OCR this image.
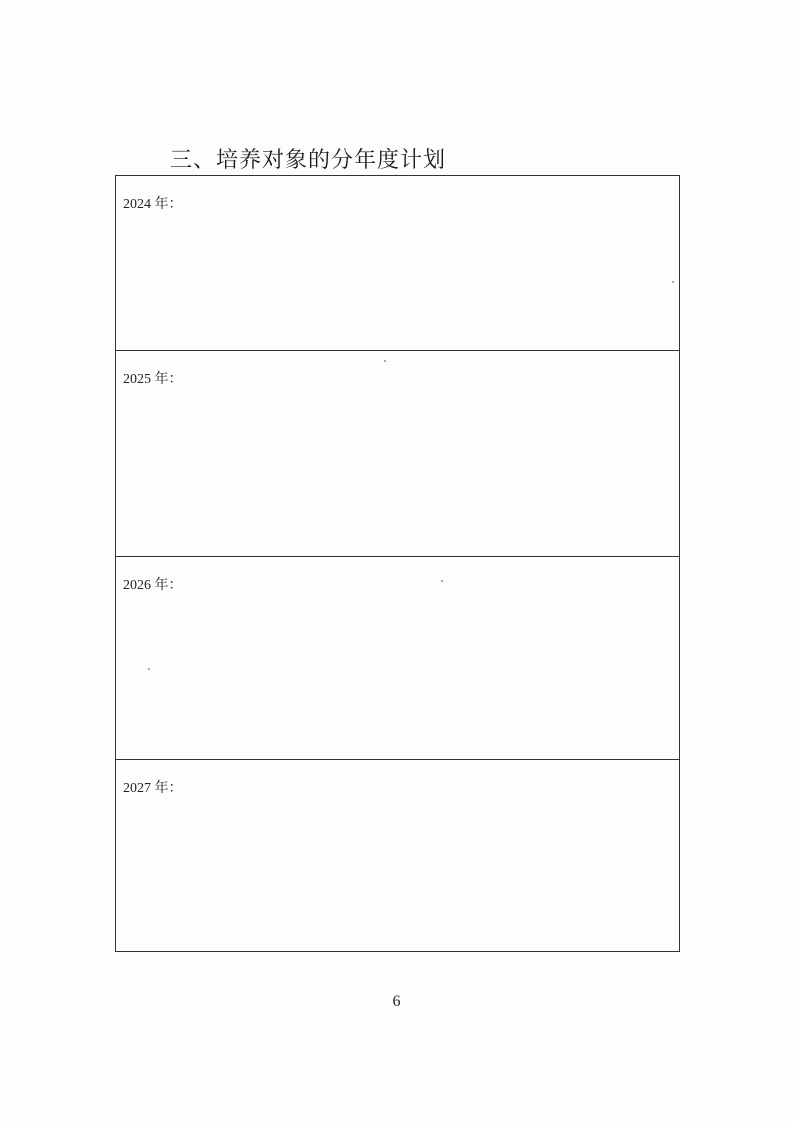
三、培养对象的分年度计划
2024 年：
2025 年：
2026 年：
2027 年：
6
